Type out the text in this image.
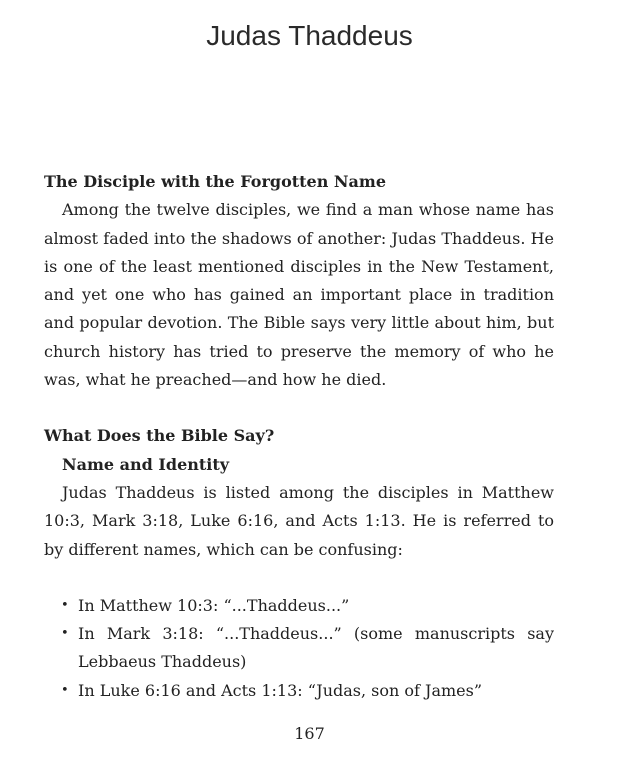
Judas Thaddeus

The Disciple with the Forgotten Name

Among the twelve disciples, we find a man whose name has almost faded into the shadows of another: Judas Thaddeus. He is one of the least mentioned disciples in the New Testament, and yet one who has gained an important place in tradition and popular devotion. The Bible says very little about him, but church history has tried to preserve the memory of who he was, what he preached—and how he died.

What Does the Bible Say?

Name and Identity

Judas Thaddeus is listed among the disciples in Matthew 10:3, Mark 3:18, Luke 6:16, and Acts 1:13. He is referred to by different names, which can be confusing:

• In Matthew 10:3: “...Thaddeus...”
• In Mark 3:18: “...Thaddeus...” (some manuscripts say Lebbaeus Thaddeus)
• In Luke 6:16 and Acts 1:13: “Judas, son of James”
167
